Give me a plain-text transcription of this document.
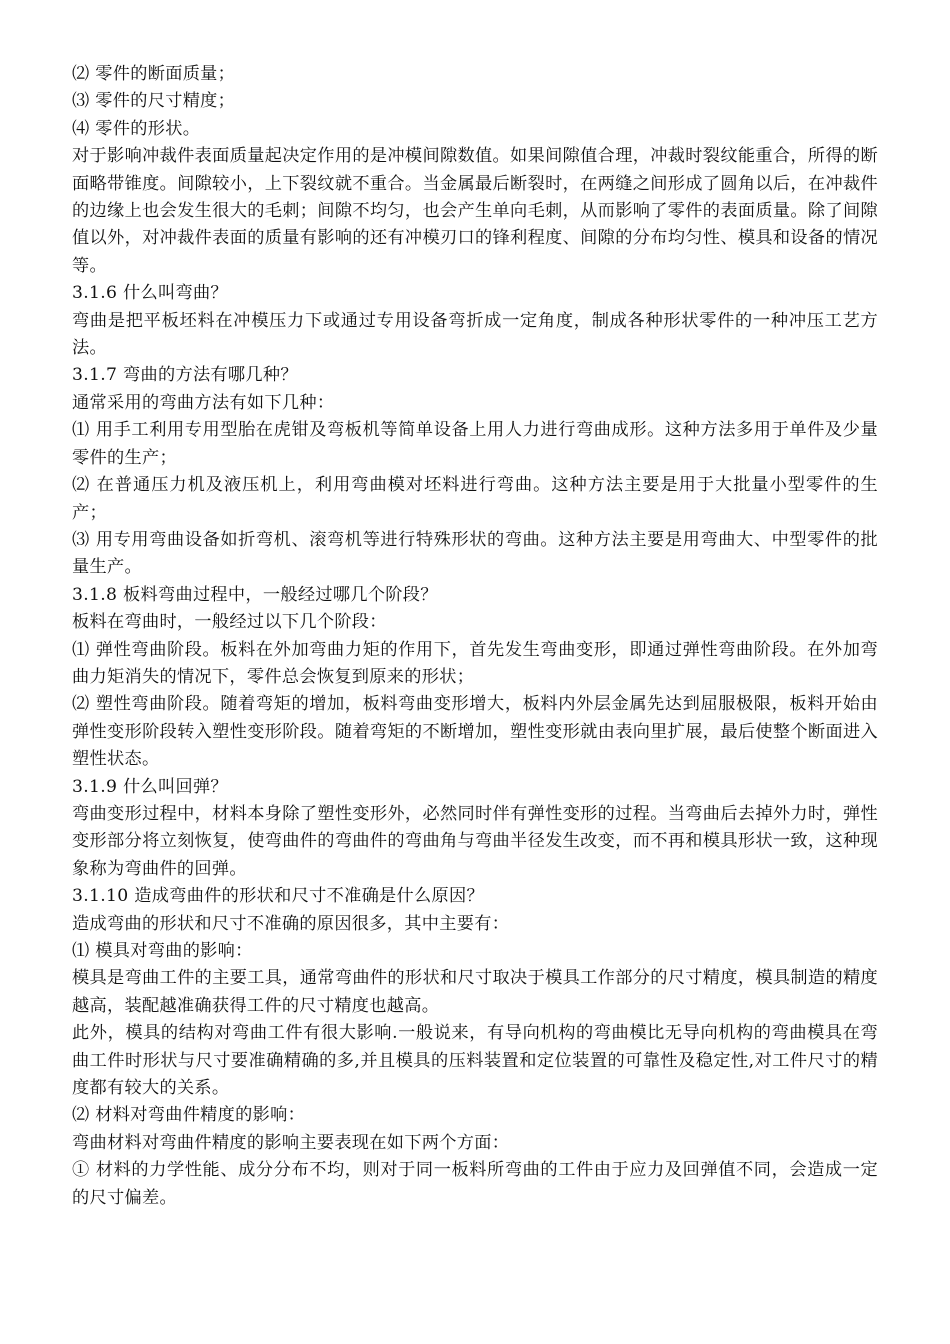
⑵ 零件的断面质量；

⑶ 零件的尺寸精度；

⑷ 零件的形状。

对于影响冲裁件表面质量起决定作用的是冲模间隙数值。如果间隙值合理，冲裁时裂纹能重合，所得的断面略带锥度。间隙较小，上下裂纹就不重合。当金属最后断裂时，在两缝之间形成了圆角以后，在冲裁件的边缘上也会发生很大的毛刺；间隙不均匀，也会产生单向毛刺，从而影响了零件的表面质量。除了间隙值以外，对冲裁件表面的质量有影响的还有冲模刃口的锋利程度、间隙的分布均匀性、模具和设备的情况等。

3.1.6 什么叫弯曲？

弯曲是把平板坯料在冲模压力下或通过专用设备弯折成一定角度，制成各种形状零件的一种冲压工艺方法。

3.1.7 弯曲的方法有哪几种？

通常采用的弯曲方法有如下几种：

⑴ 用手工利用专用型胎在虎钳及弯板机等简单设备上用人力进行弯曲成形。这种方法多用于单件及少量零件的生产；

⑵ 在普通压力机及液压机上，利用弯曲模对坯料进行弯曲。这种方法主要是用于大批量小型零件的生产；

⑶ 用专用弯曲设备如折弯机、滚弯机等进行特殊形状的弯曲。这种方法主要是用弯曲大、中型零件的批量生产。

3.1.8 板料弯曲过程中，一般经过哪几个阶段？

板料在弯曲时，一般经过以下几个阶段：

⑴ 弹性弯曲阶段。板料在外加弯曲力矩的作用下，首先发生弯曲变形，即通过弹性弯曲阶段。在外加弯曲力矩消失的情况下，零件总会恢复到原来的形状；

⑵ 塑性弯曲阶段。随着弯矩的增加，板料弯曲变形增大，板料内外层金属先达到屈服极限，板料开始由弹性变形阶段转入塑性变形阶段。随着弯矩的不断增加，塑性变形就由表向里扩展，最后使整个断面进入塑性状态。

3.1.9 什么叫回弹？

弯曲变形过程中，材料本身除了塑性变形外，必然同时伴有弹性变形的过程。当弯曲后去掉外力时，弹性变形部分将立刻恢复，使弯曲件的弯曲件的弯曲角与弯曲半径发生改变，而不再和模具形状一致，这种现象称为弯曲件的回弹。

3.1.10 造成弯曲件的形状和尺寸不准确是什么原因？

造成弯曲的形状和尺寸不准确的原因很多，其中主要有：

⑴ 模具对弯曲的影响：

模具是弯曲工件的主要工具，通常弯曲件的形状和尺寸取决于模具工作部分的尺寸精度，模具制造的精度越高，装配越准确获得工件的尺寸精度也越高。

此外，模具的结构对弯曲工件有很大影响.一般说来，有导向机构的弯曲模比无导向机构的弯曲模具在弯曲工件时形状与尺寸要准确精确的多,并且模具的压料装置和定位装置的可靠性及稳定性,对工件尺寸的精度都有较大的关系。

⑵ 材料对弯曲件精度的影响：

弯曲材料对弯曲件精度的影响主要表现在如下两个方面：

① 材料的力学性能、成分分布不均，则对于同一板料所弯曲的工件由于应力及回弹值不同，会造成一定的尺寸偏差。
